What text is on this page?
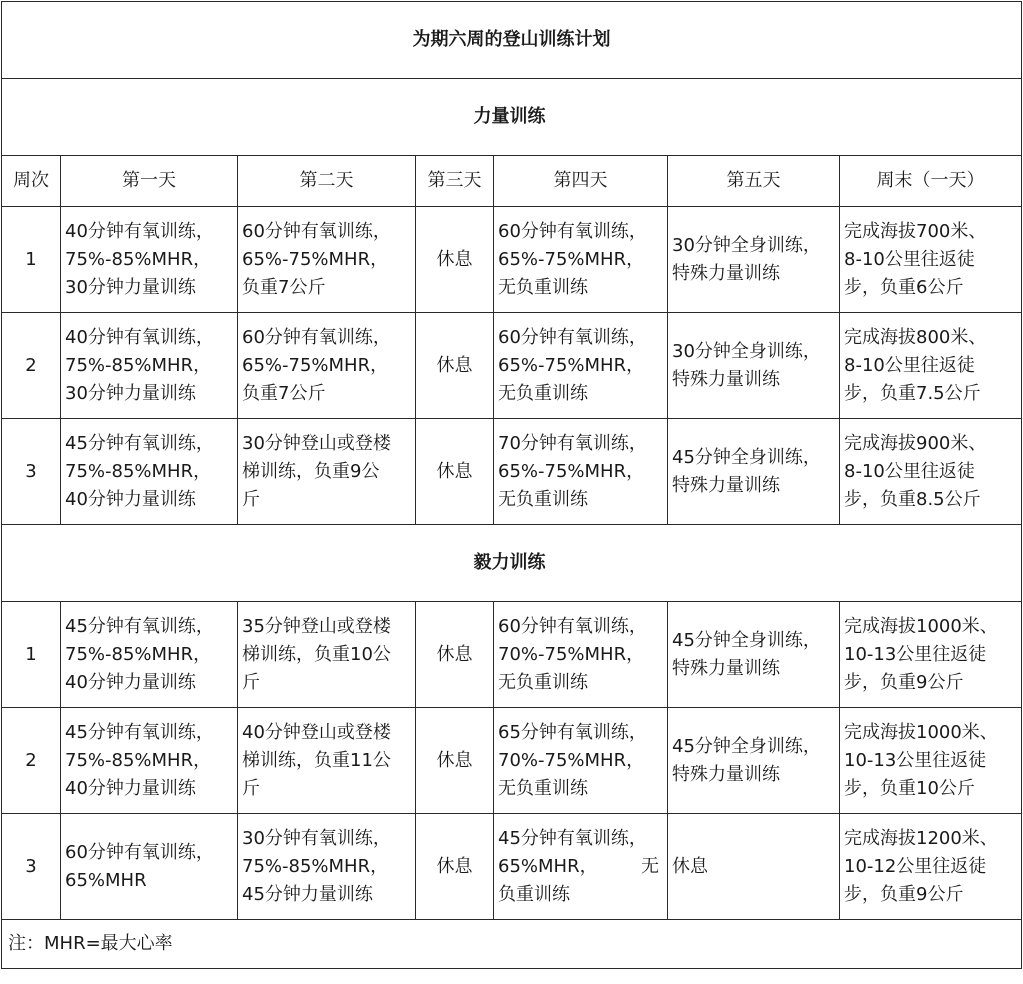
为期六周的登山训练计划						
力量训练						
周次	第一天	第二天	第三天	第四天	第五天	周末（一天）
1	40分钟有氧训练，
75%-85%MHR，
30分钟力量训练	60分钟有氧训练，
65%-75%MHR，
负重7公斤	休息	60分钟有氧训练，
65%-75%MHR，
无负重训练	30分钟全身训练，
特殊力量训练	完成海拔700米、
8-10公里往返徒
步，负重6公斤

2	40分钟有氧训练，
75%-85%MHR，
30分钟力量训练	60分钟有氧训练，
65%-75%MHR，
负重7公斤	休息	60分钟有氧训练，
65%-75%MHR，
无负重训练	30分钟全身训练，
特殊力量训练	完成海拔800米、
8-10公里往返徒
步，负重7.5公斤

3	45分钟有氧训练，
75%-85%MHR，
40分钟力量训练	30分钟登山或登楼
梯训练，负重9公
斤	休息	70分钟有氧训练，
65%-75%MHR，
无负重训练	45分钟全身训练，
特殊力量训练	完成海拔900米、
8-10公里往返徒
步，负重8.5公斤

毅力训练						
1	45分钟有氧训练，
75%-85%MHR，
40分钟力量训练	35分钟登山或登楼
梯训练，负重10公
斤	休息	60分钟有氧训练，
70%-75%MHR，
无负重训练	45分钟全身训练，
特殊力量训练	完成海拔1000米、
10-13公里往返徒
步，负重9公斤

2	45分钟有氧训练，
75%-85%MHR，
40分钟力量训练	40分钟登山或登楼
梯训练，负重11公
斤	休息	65分钟有氧训练，
70%-75%MHR，
无负重训练	45分钟全身训练，
特殊力量训练	完成海拔1000米、
10-13公里往返徒
步，负重10公斤

3	60分钟有氧训练，
65%MHR	30分钟有氧训练，
75%-85%MHR，
45分钟力量训练	休息	45分钟有氧训练，
65%MHR， 无
负重训练	休息	完成海拔1200米、
10-12公里往返徒
步，负重9公斤

注：MHR=最大心率						
